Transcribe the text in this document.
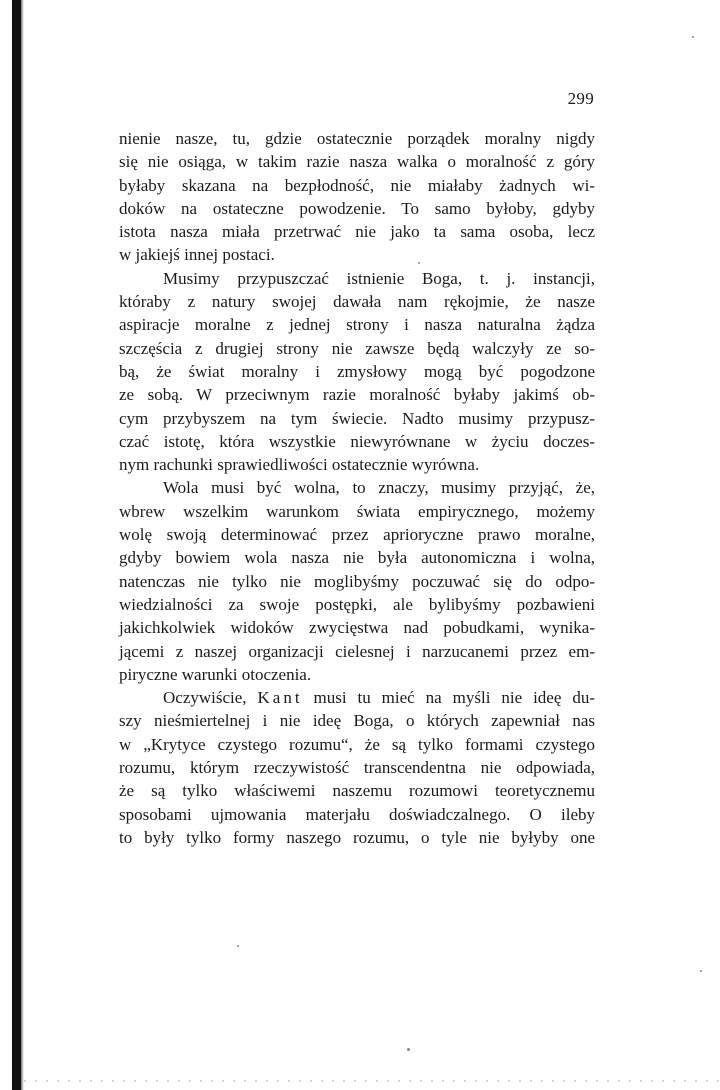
299
nienie nasze, tu, gdzie ostatecznie porządek moralny nigdy
się nie osiąga, w takim razie nasza walka o moralność z góry
byłaby skazana na bezpłodność, nie miałaby żadnych wi-
doków na ostateczne powodzenie. To samo byłoby, gdyby
istota nasza miała przetrwać nie jako ta sama osoba, lecz
w jakiejś innej postaci.
Musimy przypuszczać istnienie Boga, t. j. instancji,
któraby z natury swojej dawała nam rękojmie, że nasze
aspiracje moralne z jednej strony i nasza naturalna żądza
szczęścia z drugiej strony nie zawsze będą walczyły ze so-
bą, że świat moralny i zmysłowy mogą być pogodzone
ze sobą. W przeciwnym razie moralność byłaby jakimś ob-
cym przybyszem na tym świecie. Nadto musimy przypusz-
czać istotę, która wszystkie niewyrównane w życiu doczes-
nym rachunki sprawiedliwości ostatecznie wyrówna.
Wola musi być wolna, to znaczy, musimy przyjąć, że,
wbrew wszelkim warunkom świata empirycznego, możemy
wolę swoją determinować przez aprioryczne prawo moralne,
gdyby bowiem wola nasza nie była autonomiczna i wolna,
natenczas nie tylko nie moglibyśmy poczuwać się do odpo-
wiedzialności za swoje postępki, ale bylibyśmy pozbawieni
jakichkolwiek widoków zwycięstwa nad pobudkami, wynika-
jącemi z naszej organizacji cielesnej i narzucanemi przez em-
piryczne warunki otoczenia.
Oczywiście, Kant musi tu mieć na myśli nie ideę du-
szy nieśmiertelnej i nie ideę Boga, o których zapewniał nas
w „Krytyce czystego rozumu“, że są tylko formami czystego
rozumu, którym rzeczywistość transcendentna nie odpowiada,
że są tylko właściwemi naszemu rozumowi teoretycznemu
sposobami ujmowania materjału doświadczalnego. O ileby
to były tylko formy naszego rozumu, o tyle nie byłyby one
